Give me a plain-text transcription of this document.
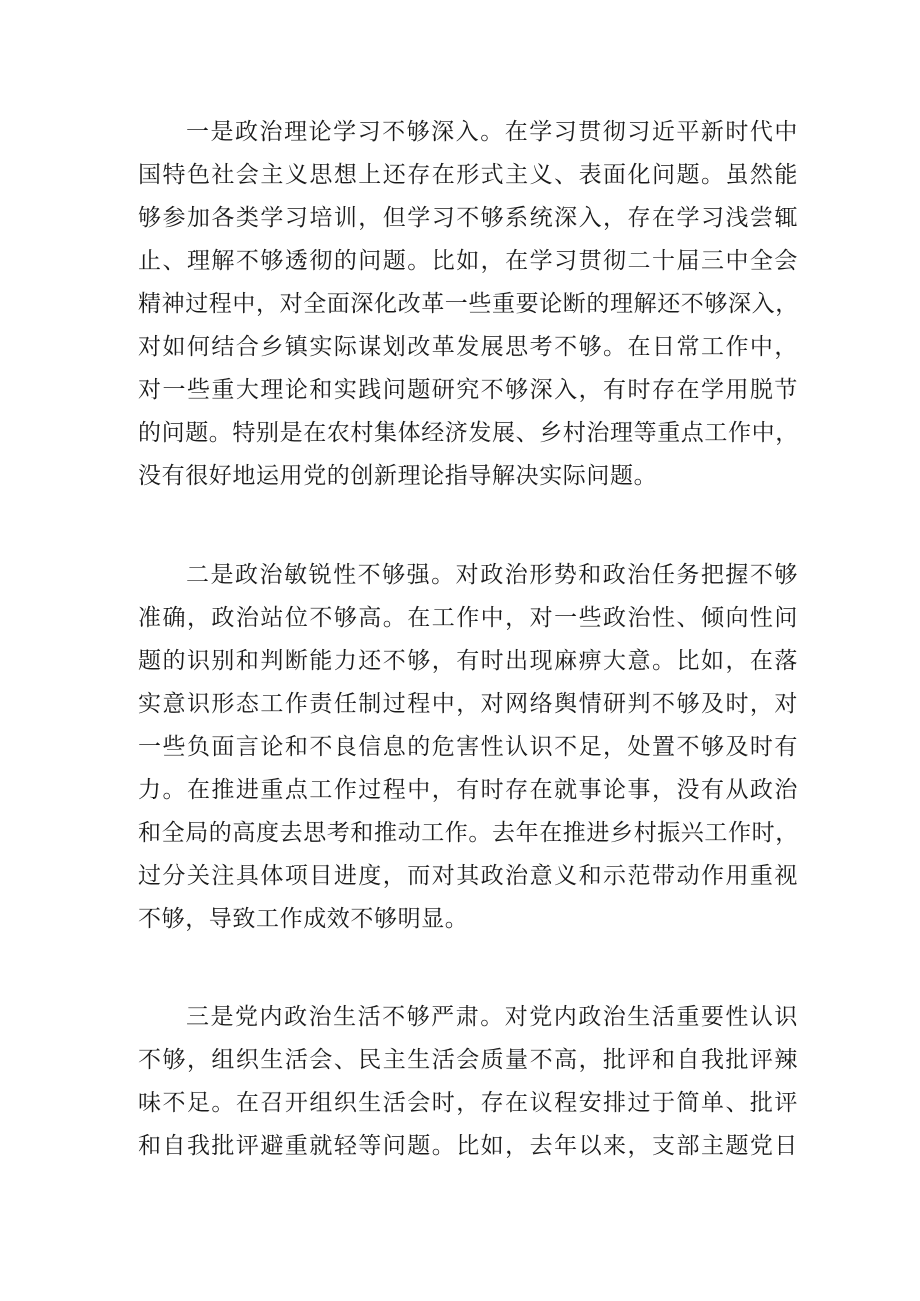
一是政治理论学习不够深入。在学习贯彻习近平新时代中
国特色社会主义思想上还存在形式主义、表面化问题。虽然能
够参加各类学习培训，但学习不够系统深入，存在学习浅尝辄
止、理解不够透彻的问题。比如，在学习贯彻二十届三中全会
精神过程中，对全面深化改革一些重要论断的理解还不够深入，
对如何结合乡镇实际谋划改革发展思考不够。在日常工作中，
对一些重大理论和实践问题研究不够深入，有时存在学用脱节
的问题。特别是在农村集体经济发展、乡村治理等重点工作中，
没有很好地运用党的创新理论指导解决实际问题。
二是政治敏锐性不够强。对政治形势和政治任务把握不够
准确，政治站位不够高。在工作中，对一些政治性、倾向性问
题的识别和判断能力还不够，有时出现麻痹大意。比如，在落
实意识形态工作责任制过程中，对网络舆情研判不够及时，对
一些负面言论和不良信息的危害性认识不足，处置不够及时有
力。在推进重点工作过程中，有时存在就事论事，没有从政治
和全局的高度去思考和推动工作。去年在推进乡村振兴工作时，
过分关注具体项目进度，而对其政治意义和示范带动作用重视
不够，导致工作成效不够明显。
三是党内政治生活不够严肃。对党内政治生活重要性认识
不够，组织生活会、民主生活会质量不高，批评和自我批评辣
味不足。在召开组织生活会时，存在议程安排过于简单、批评
和自我批评避重就轻等问题。比如，去年以来，支部主题党日
